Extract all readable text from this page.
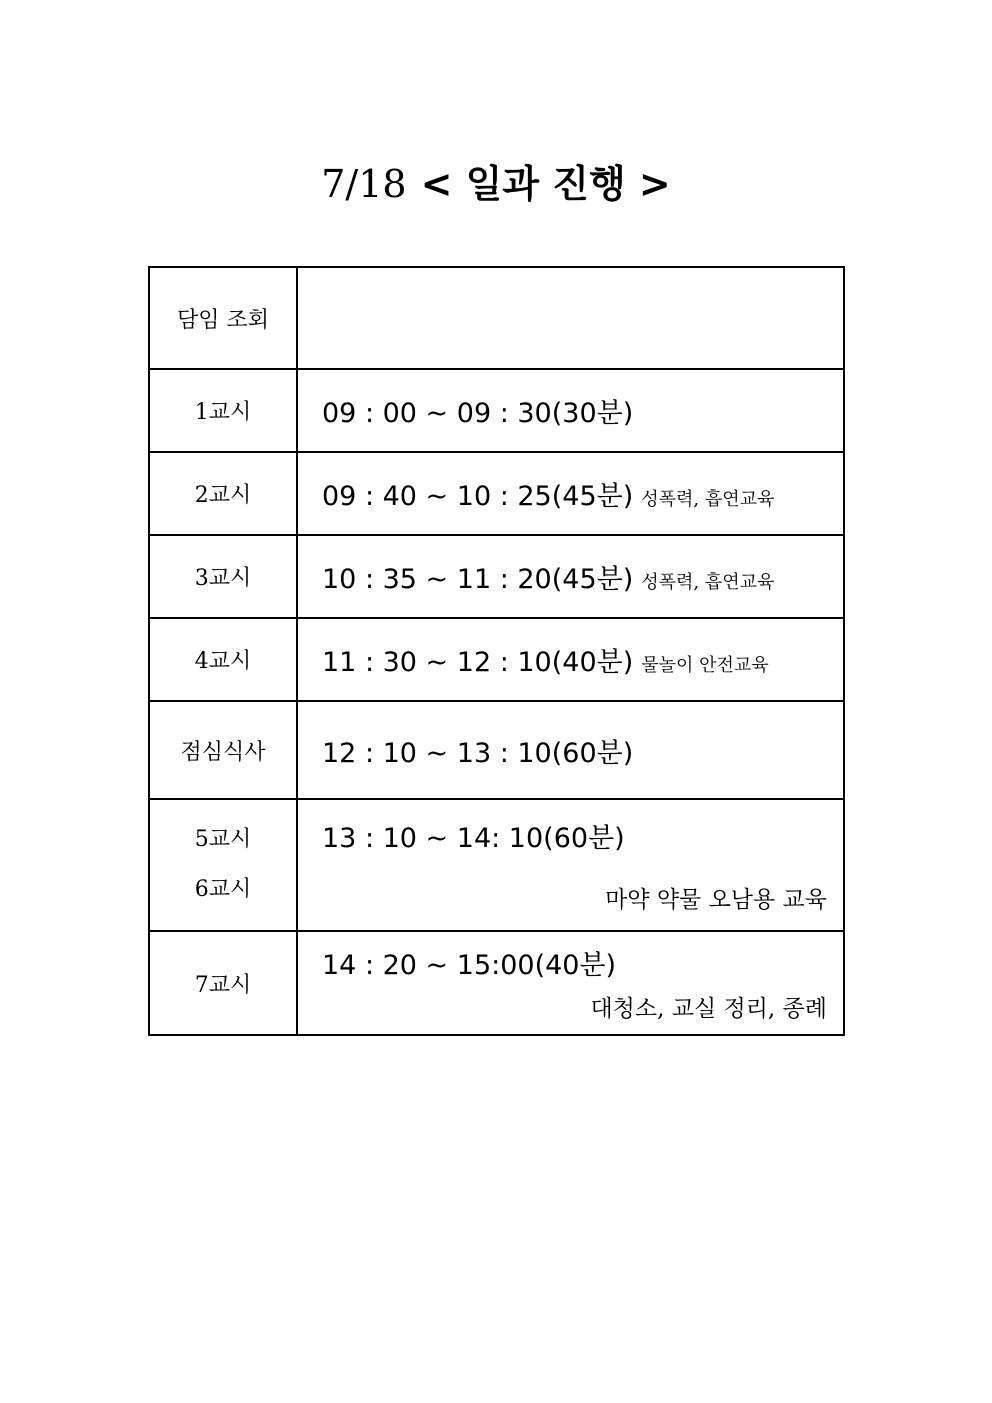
7/18 < 일과 진행 >
담임 조회	
1교시	09 : 00 ~ 09 : 30(30분)
2교시	09 : 40 ~ 10 : 25(45분) 성폭력, 흡연교육
3교시	10 : 35 ~ 11 : 20(45분) 성폭력, 흡연교육
4교시	11 : 30 ~ 12 : 10(40분) 물놀이 안전교육
점심식사	12 : 10 ~ 13 : 10(60분)

5교시
6교시	13 : 10 ~ 14: 10(60분)
마약 약물 오남용 교육

7교시	14 : 20 ~ 15:00(40분)
대청소, 교실 정리, 종례
